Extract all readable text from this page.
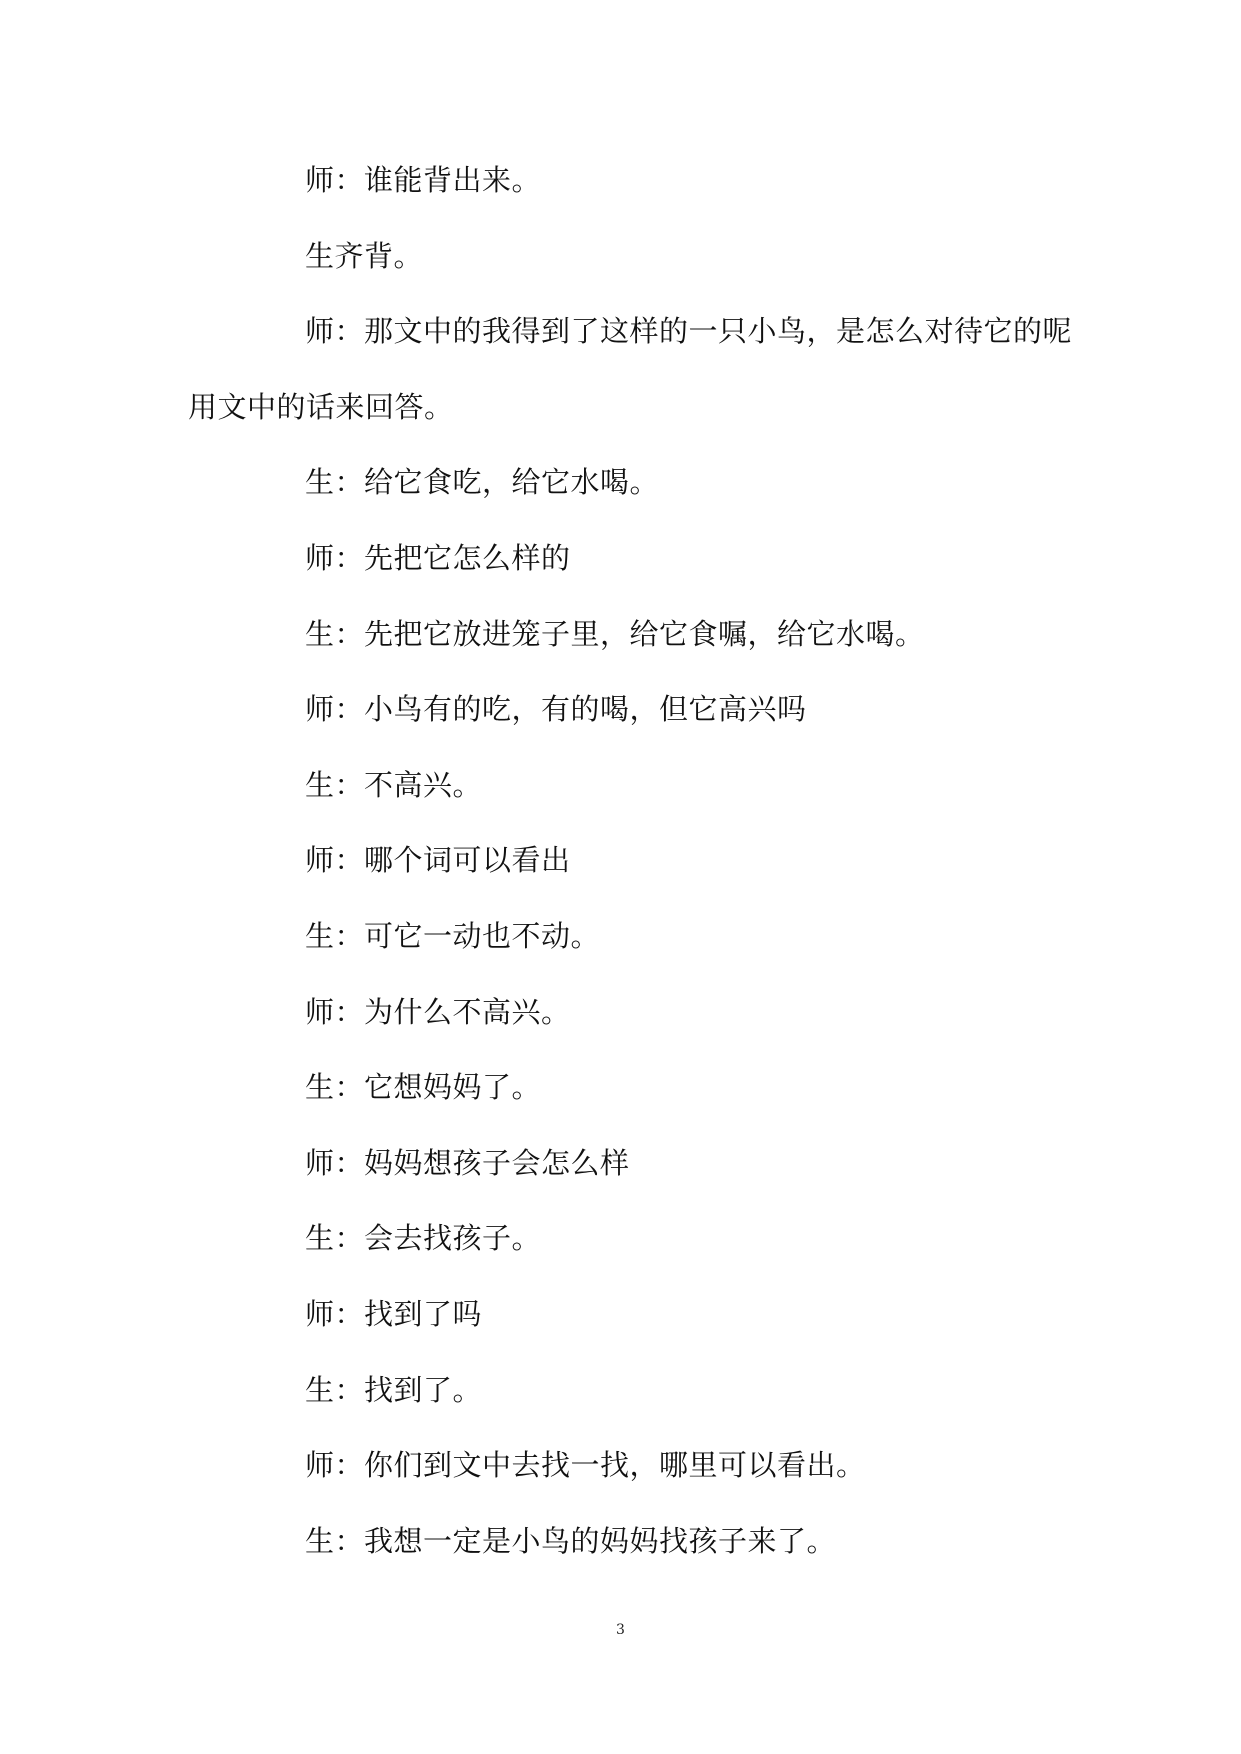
师：谁能背出来。
生齐背。
师：那文中的我得到了这样的一只小鸟，是怎么对待它的呢
用文中的话来回答。
生：给它食吃，给它水喝。
师：先把它怎么样的
生：先把它放进笼子里，给它食嘱，给它水喝。
师：小鸟有的吃，有的喝，但它高兴吗
生：不高兴。
师：哪个词可以看出
生：可它一动也不动。
师：为什么不高兴。
生：它想妈妈了。
师：妈妈想孩子会怎么样
生：会去找孩子。
师：找到了吗
生：找到了。
师：你们到文中去找一找，哪里可以看出。
生：我想一定是小鸟的妈妈找孩子来了。
3
